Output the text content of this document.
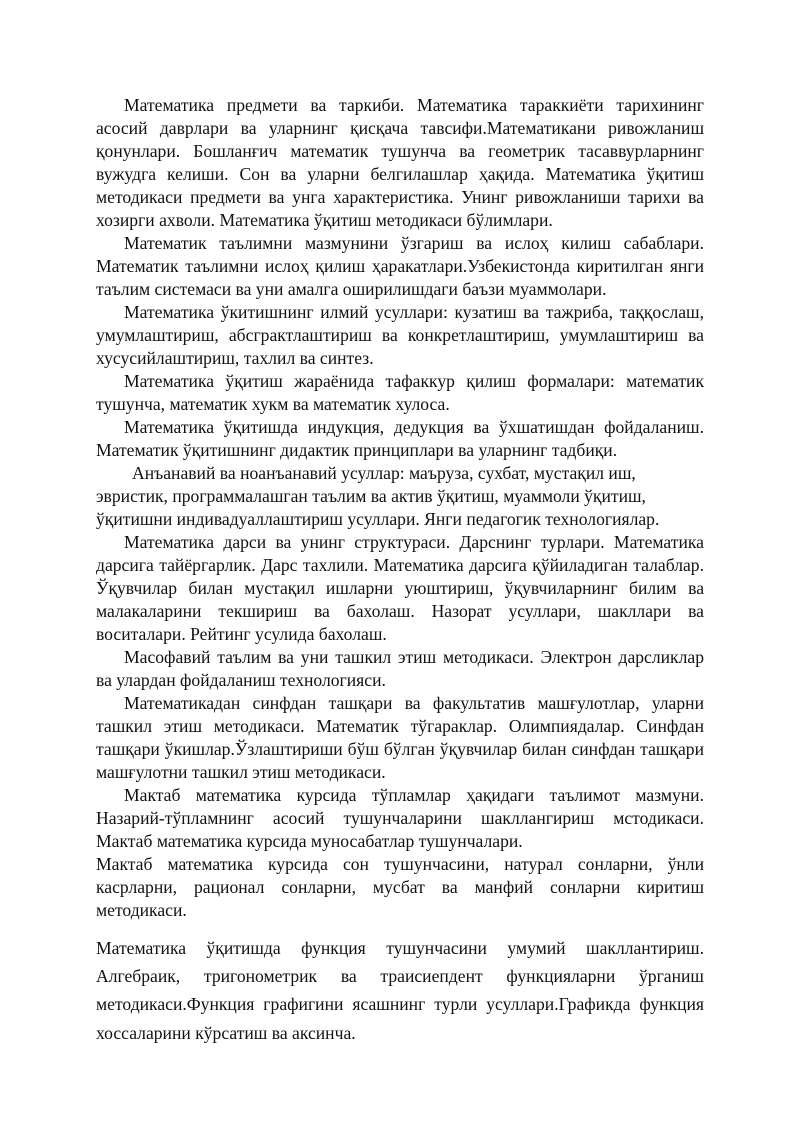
Математика предмети ва таркиби. Математика тараккиёти тарихининг асосий даврлари ва уларнинг қисқача тавсифи.Математикани ривожланиш қонунлари. Бошланғич математик тушунча ва геометрик тасаввурларнинг вужудга келиши. Сон ва уларни белгилашлар ҳақида. Математика ўқитиш методикаси предмети ва унга характеристика. Унинг ривожланиши тарихи ва хозирги ахволи. Математика ўқитиш методикаси бўлимлари.

Математик таълимни мазмунини ўзгариш ва ислоҳ килиш сабаблари. Математик таълимни ислоҳ қилиш ҳаракатлари.Узбекистонда киритилган янги таълим системаси ва уни амалга оширилишдаги баъзи муаммолари.

Математика ўкитишнинг илмий усуллари: кузатиш ва тажриба, таққослаш, умумлаштириш, абсграктлаштириш ва конкретлаштириш, умумлаштириш ва хусусийлаштириш, тахлил ва синтез.

Математика ўқитиш жараёнида тафаккур қилиш формалари: математик тушунча, математик хукм ва математик хулоса.

Математика ўқитишда индукция, дедукция ва ўхшатишдан фойдаланиш. Математик ўқитишнинг дидактик принциплари ва уларнинг тадбиқи.

Анъанавий ва ноанъанавий усуллар: маъруза, сухбат, мустақил иш,
эвристик, программалашган таълим ва актив ўқитиш, муаммоли ўқитиш,
ўқитишни индивадуаллаштириш усуллари. Янги педагогик технологиялар.

Математика дарси ва унинг структураси. Дарснинг турлари. Математика дарсига тайёргарлик. Дарс тахлили. Математика дарсига қўйиладиган талаблар. Ўқувчилар билан мустақил ишларни уюштириш, ўқувчиларнинг билим ва малакаларини текшириш ва бахолаш. Назорат усуллари, шакллари ва воситалари. Рейтинг усулида бахолаш.

Масофавий таълим ва уни ташкил этиш методикаси. Электрон дарсликлар ва улардан фойдаланиш технологияси.

Математикадан синфдан ташқари ва факультатив машғулотлар, уларни ташкил этиш методикаси. Математик тўгараклар. Олимпиядалар. Синфдан ташқари ўкишлар.Ўзлаштириши бўш бўлган ўқувчилар билан синфдан ташқари машғулотни ташкил этиш методикаси.

Мактаб математика курсида тўпламлар ҳақидаги таълимот мазмуни. Назарий-тўпламнинг асосий тушунчаларини шакллангириш мстодикаси. Мактаб математика курсида муносабатлар тушунчалари.

Мактаб математика курсида сон тушунчасини, натурал сонларни, ўнли касрларни, рационал сонларни, мусбат ва манфий сонларни киритиш методикаси.

Математика ўқитишда функция тушунчасини умумий шакллантириш. Алгебраик, тригонометрик ва траисиепдент функцияларни ўрганиш методикаси.Функция графигини ясашнинг турли усуллари.Графикда функция хоссаларини кўрсатиш ва аксинча.
